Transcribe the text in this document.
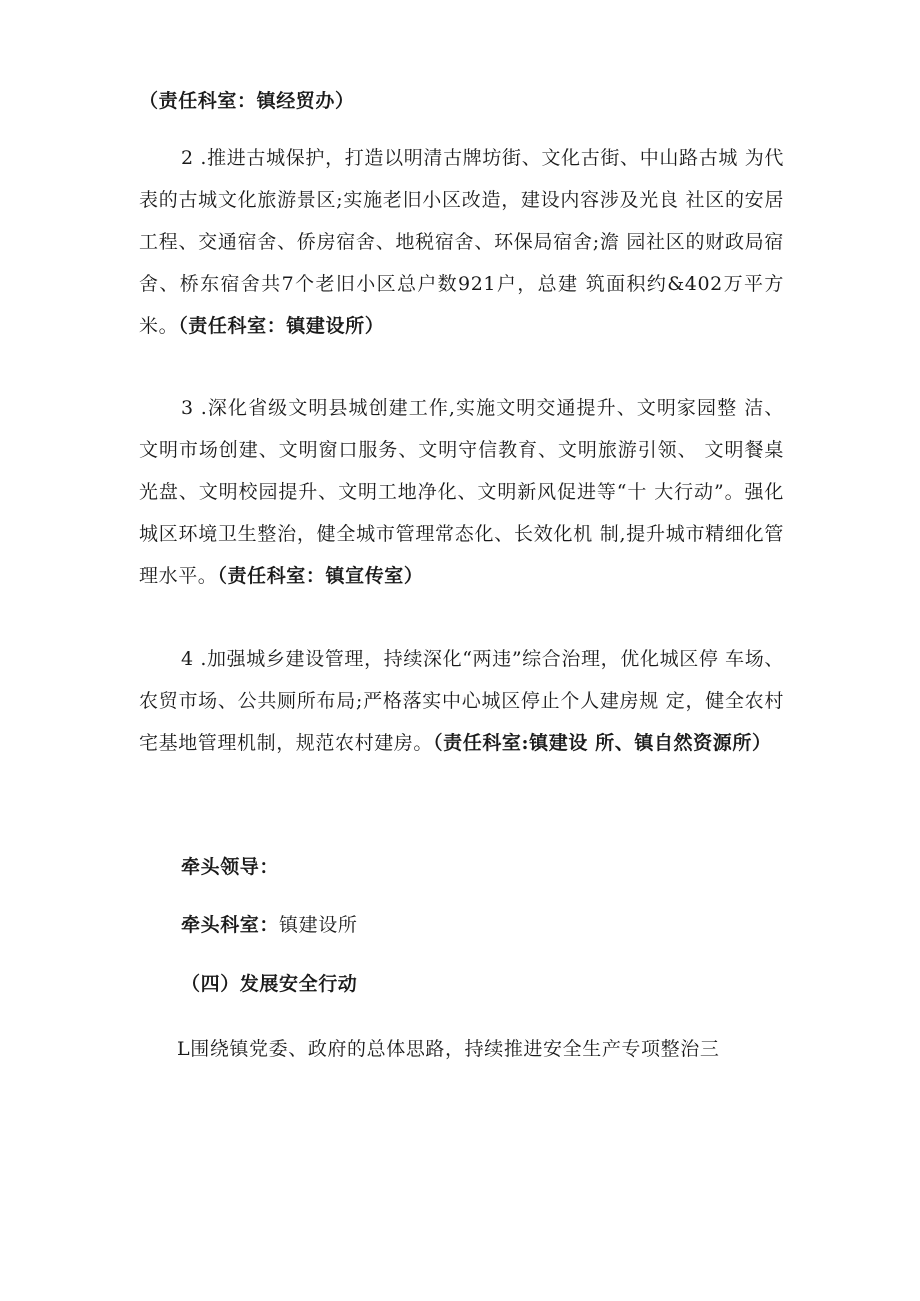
（责任科室：镇经贸办）

2 .推进古城保护，打造以明清古牌坊街、文化古街、中山路古城 为代表的古城文化旅游景区;实施老旧小区改造，建设内容涉及光良 社区的安居工程、交通宿舍、侨房宿舍、地税宿舍、环保局宿舍;澹 园社区的财政局宿舍、桥东宿舍共7个老旧小区总户数921户，总建 筑面积约&402万平方米。（责任科室：镇建设所）

3 .深化省级文明县城创建工作,实施文明交通提升、文明家园整 洁、文明市场创建、文明窗口服务、文明守信教育、文明旅游引领、 文明餐桌光盘、文明校园提升、文明工地净化、文明新风促进等“十 大行动”。强化城区环境卫生整治，健全城市管理常态化、长效化机 制,提升城市精细化管理水平。（责任科室：镇宣传室）

4 .加强城乡建设管理，持续深化“两违”综合治理，优化城区停 车场、农贸市场、公共厕所布局;严格落实中心城区停止个人建房规 定，健全农村宅基地管理机制，规范农村建房。（责任科室:镇建设 所、镇自然资源所）

牵头领导：

牵头科室：镇建设所

（四）发展安全行动

L围绕镇党委、政府的总体思路，持续推进安全生产专项整治三
